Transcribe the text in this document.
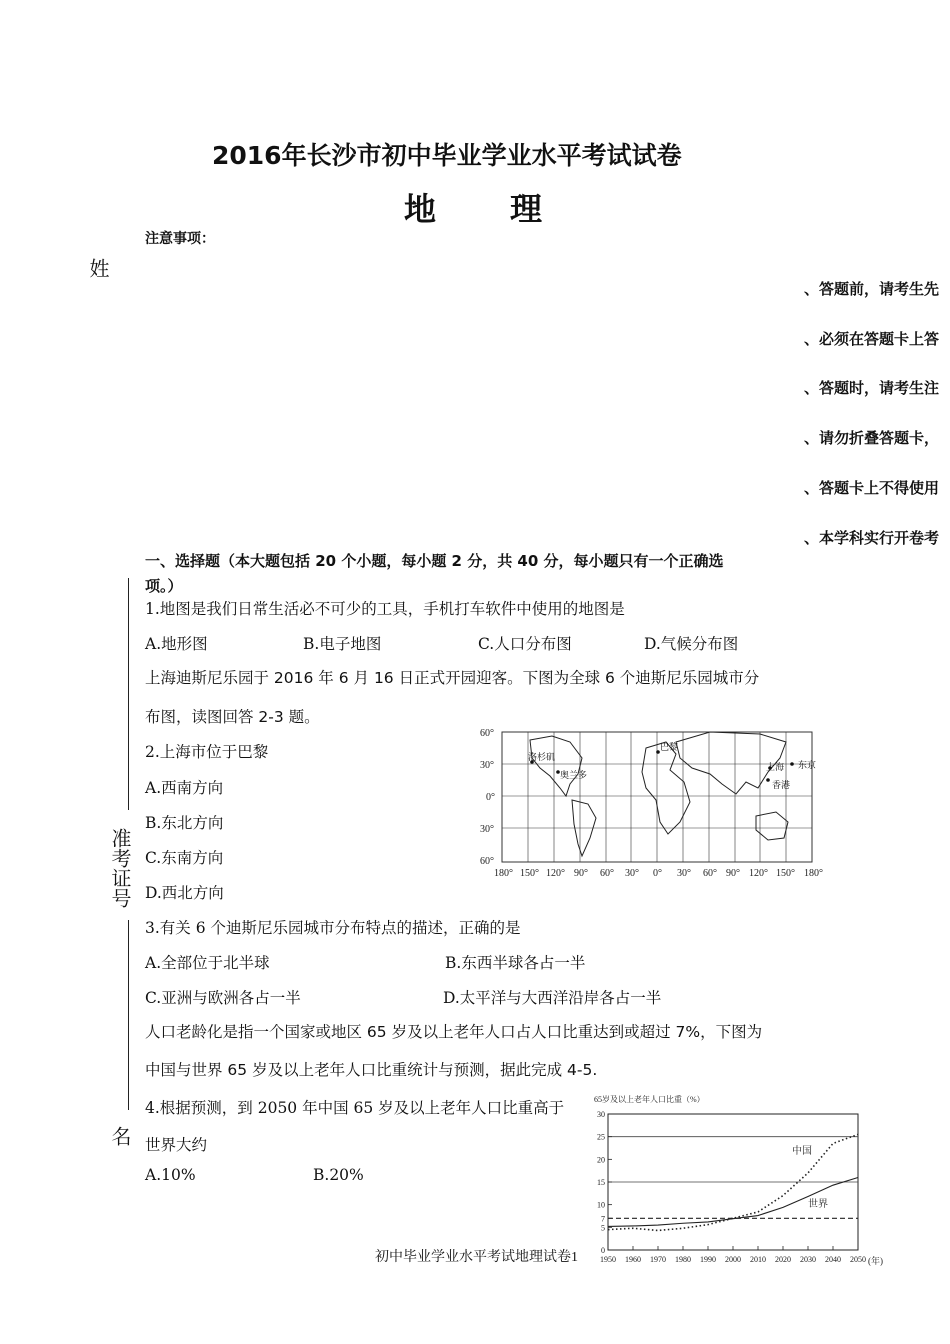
2016年长沙市初中毕业学业水平考试试卷
地 理
注意事项：
姓
准考证号
名
、答题前，请考生先
、必须在答题卡上答
、答题时，请考生注
、请勿折叠答题卡，
、答题卡上不得使用
、本学科实行开卷考
一、选择题（本大题包括 20 个小题，每小题 2 分，共 40 分，每小题只有一个正确选
项。）
1.地图是我们日常生活必不可少的工具，手机打车软件中使用的地图是
A.地形图	B.电子地图	C.人口分布图	D.气候分布图
上海迪斯尼乐园于 2016 年 6 月 16 日正式开园迎客。下图为全球 6 个迪斯尼乐园城市分
布图，读图回答 2-3 题。
2.上海市位于巴黎
A.西南方向
B.东北方向
C.东南方向
D.西北方向
60°
30°
0°
30°
60°
180° 150° 120° 90° 60° 30° 0° 30° 60° 90° 120° 150° 180°
洛杉矶
奥兰多
巴黎
上海 东京
香港
3.有关 6 个迪斯尼乐园城市分布特点的描述，正确的是
A.全部位于北半球	B.东西半球各占一半
C.亚洲与欧洲各占一半	D.太平洋与大西洋沿岸各占一半
人口老龄化是指一个国家或地区 65 岁及以上老年人口占人口比重达到或超过 7%，下图为
中国与世界 65 岁及以上老年人口比重统计与预测，据此完成 4-5.
4.根据预测，到 2050 年中国 65 岁及以上老年人口比重高于
世界大约
A.10%	B.20%
65岁及以上老年人口比重（%）
0
5
7
10
15
20
25
30
1950 1960 1970 1980 1990 2000 2010 2020 2030 2040 2050
中国
世界
(年)
初中毕业学业水平考试地理试卷1
